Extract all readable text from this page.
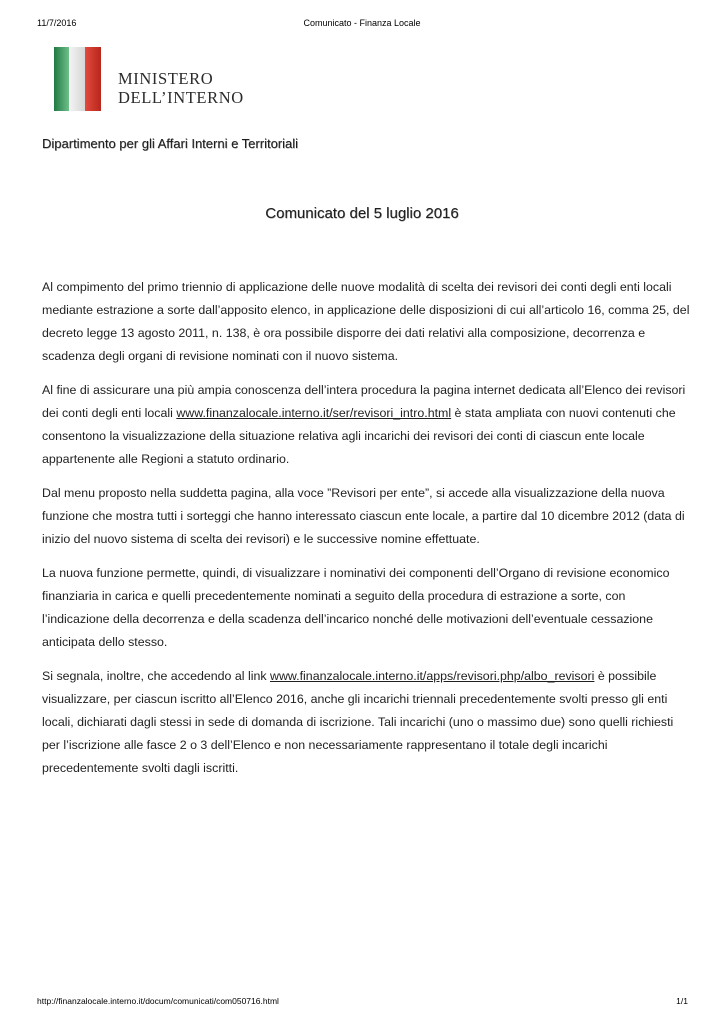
11/7/2016	Comunicato - Finanza Locale
MINISTERO
DELL’INTERNO
Dipartimento per gli Affari Interni e Territoriali
Comunicato del 5 luglio 2016

Al compimento del primo triennio di applicazione delle nuove modalità di scelta dei revisori dei conti degli enti locali mediante estrazione a sorte dall’apposito elenco, in applicazione delle disposizioni di cui all’articolo 16, comma 25, del decreto legge 13 agosto 2011, n. 138, è ora possibile disporre dei dati relativi alla composizione, decorrenza e scadenza degli organi di revisione nominati con il nuovo sistema.

Al fine di assicurare una più ampia conoscenza dell’intera procedura la pagina internet dedicata all’Elenco dei revisori dei conti degli enti locali www.finanzalocale.interno.it/ser/revisori_intro.html è stata ampliata con nuovi contenuti che consentono la visualizzazione della situazione relativa agli incarichi dei revisori dei conti di ciascun ente locale appartenente alle Regioni a statuto ordinario.

Dal menu proposto nella suddetta pagina, alla voce ”Revisori per ente”, si accede alla visualizzazione della nuova funzione che mostra tutti i sorteggi che hanno interessato ciascun ente locale, a partire dal 10 dicembre 2012 (data di inizio del nuovo sistema di scelta dei revisori) e le successive nomine effettuate.

La nuova funzione permette, quindi, di visualizzare i nominativi dei componenti dell’Organo di revisione economico finanziaria in carica e quelli precedentemente nominati a seguito della procedura di estrazione a sorte, con l’indicazione della decorrenza e della scadenza dell’incarico nonché delle motivazioni dell’eventuale cessazione anticipata dello stesso.

Si segnala, inoltre, che accedendo al link www.finanzalocale.interno.it/apps/revisori.php/albo_revisori è possibile visualizzare, per ciascun iscritto all’Elenco 2016, anche gli incarichi triennali precedentemente svolti presso gli enti locali, dichiarati dagli stessi in sede di domanda di iscrizione. Tali incarichi (uno o massimo due) sono quelli richiesti per l’iscrizione alle fasce 2 o 3 dell’Elenco e non necessariamente rappresentano il totale degli incarichi precedentemente svolti dagli iscritti.

http://finanzalocale.interno.it/docum/comunicati/com050716.html	1/1
